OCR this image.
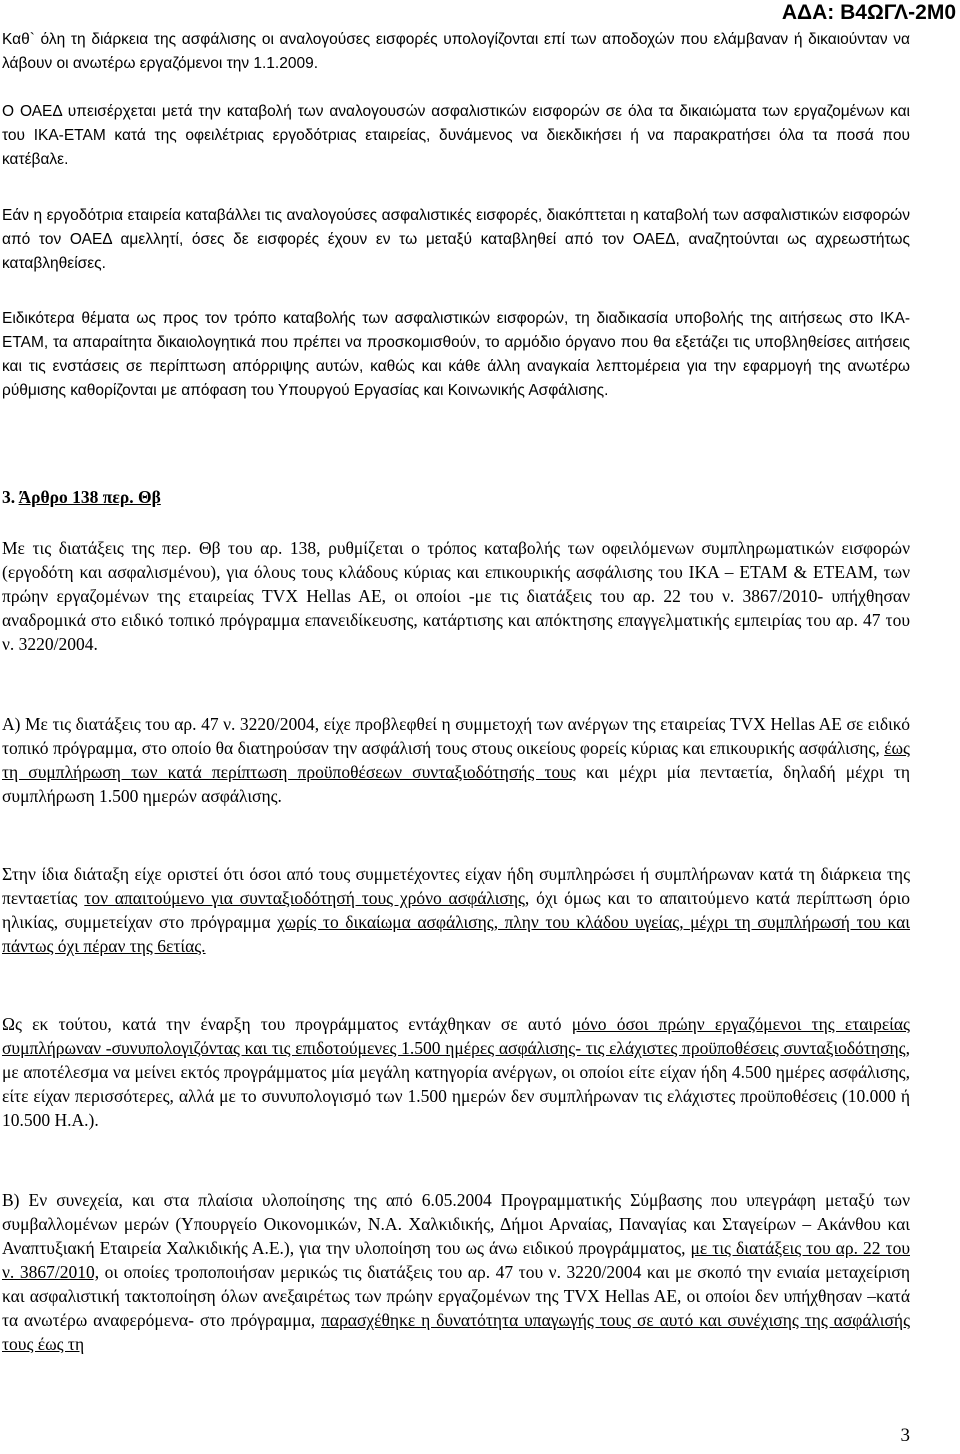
ΑΔΑ: Β4ΩΓΛ-2Μ0

Καθ` όλη τη διάρκεια της ασφάλισης οι αναλογούσες εισφορές υπολογίζονται επί των αποδοχών που ελάμβαναν ή δικαιούνταν να λάβουν οι ανωτέρω εργαζόμενοι την 1.1.2009.

Ο ΟΑΕΔ υπεισέρχεται μετά την καταβολή των αναλογουσών ασφαλιστικών εισφορών σε όλα τα δικαιώματα των εργαζομένων και του ΙΚΑ-ΕΤΑΜ κατά της οφειλέτριας εργοδότριας εταιρείας, δυνάμενος να διεκδικήσει ή να παρακρατήσει όλα τα ποσά που κατέβαλε.

Εάν η εργοδότρια εταιρεία καταβάλλει τις αναλογούσες ασφαλιστικές εισφορές, διακόπτεται η καταβολή των ασφαλιστικών εισφορών από τον ΟΑΕΔ αμελλητί, όσες δε εισφορές έχουν εν τω μεταξύ καταβληθεί από τον ΟΑΕΔ, αναζητούνται ως αχρεωστήτως καταβληθείσες.

Ειδικότερα θέματα ως προς τον τρόπο καταβολής των ασφαλιστικών εισφορών, τη διαδικασία υποβολής της αιτήσεως στο ΙΚΑ-ΕΤΑΜ, τα απαραίτητα δικαιολογητικά που πρέπει να προσκομισθούν, το αρμόδιο όργανο που θα εξετάζει τις υποβληθείσες αιτήσεις και τις ενστάσεις σε περίπτωση απόρριψης αυτών, καθώς και κάθε άλλη αναγκαία λεπτομέρεια για την εφαρμογή της ανωτέρω ρύθμισης καθορίζονται με απόφαση του Υπουργού Εργασίας και Κοινωνικής Ασφάλισης.

3. Άρθρο 138 περ. Θβ

Με τις διατάξεις της περ. Θβ του αρ. 138, ρυθμίζεται ο τρόπος καταβολής των οφειλόμενων συμπληρωματικών εισφορών (εργοδότη και ασφαλισμένου), για όλους τους κλάδους κύριας και επικουρικής ασφάλισης του ΙΚΑ – ΕΤΑΜ & ΕΤΕΑΜ, των πρώην εργαζομένων της εταιρείας TVX Hellas AE, οι οποίοι -με τις διατάξεις του αρ. 22 του ν. 3867/2010- υπήχθησαν αναδρομικά στο ειδικό τοπικό πρόγραμμα επανειδίκευσης, κατάρτισης και απόκτησης επαγγελματικής εμπειρίας του αρ. 47 του ν. 3220/2004.

Α) Με τις διατάξεις του αρ. 47 ν. 3220/2004, είχε προβλεφθεί η συμμετοχή των ανέργων της εταιρείας TVX Hellas AE σε ειδικό τοπικό πρόγραμμα, στο οποίο θα διατηρούσαν την ασφάλισή τους στους οικείους φορείς κύριας και επικουρικής ασφάλισης, έως τη συμπλήρωση των κατά περίπτωση προϋποθέσεων συνταξιοδότησής τους και μέχρι μία πενταετία, δηλαδή μέχρι τη συμπλήρωση 1.500 ημερών ασφάλισης.

Στην ίδια διάταξη είχε οριστεί ότι όσοι από τους συμμετέχοντες είχαν ήδη συμπληρώσει ή συμπλήρωναν κατά τη διάρκεια της πενταετίας τον απαιτούμενο για συνταξιοδότησή τους χρόνο ασφάλισης, όχι όμως και το απαιτούμενο κατά περίπτωση όριο ηλικίας, συμμετείχαν στο πρόγραμμα χωρίς το δικαίωμα ασφάλισης, πλην του κλάδου υγείας, μέχρι τη συμπλήρωσή του και πάντως όχι πέραν της 6ετίας.

Ως εκ τούτου, κατά την έναρξη του προγράμματος εντάχθηκαν σε αυτό μόνο όσοι πρώην εργαζόμενοι της εταιρείας συμπλήρωναν -συνυπολογιζόντας και τις επιδοτούμενες 1.500 ημέρες ασφάλισης- τις ελάχιστες προϋποθέσεις συνταξιοδότησης, με αποτέλεσμα να μείνει εκτός προγράμματος μία μεγάλη κατηγορία ανέργων, οι οποίοι είτε είχαν ήδη 4.500 ημέρες ασφάλισης, είτε είχαν περισσότερες, αλλά με το συνυπολογισμό των 1.500 ημερών δεν συμπλήρωναν τις ελάχιστες προϋποθέσεις (10.000 ή 10.500 Η.Α.).

Β) Εν συνεχεία, και στα πλαίσια υλοποίησης της από 6.05.2004 Προγραμματικής Σύμβασης που υπεγράφη μεταξύ των συμβαλλομένων μερών (Υπουργείο Οικονομικών, Ν.Α. Χαλκιδικής, Δήμοι Αρναίας, Παναγίας και Σταγείρων – Ακάνθου και Αναπτυξιακή Εταιρεία Χαλκιδικής Α.Ε.), για την υλοποίηση του ως άνω ειδικού προγράμματος, με τις διατάξεις του αρ. 22 του ν. 3867/2010, οι οποίες τροποποιήσαν μερικώς τις διατάξεις του αρ. 47 του ν. 3220/2004 και με σκοπό την ενιαία μεταχείριση και ασφαλιστική τακτοποίηση όλων ανεξαιρέτως των πρώην εργαζομένων της TVX Hellas AE, οι οποίοι δεν υπήχθησαν –κατά τα ανωτέρω αναφερόμενα- στο πρόγραμμα, παρασχέθηκε η δυνατότητα υπαγωγής τους σε αυτό και συνέχισης της ασφάλισής τους έως τη

3
